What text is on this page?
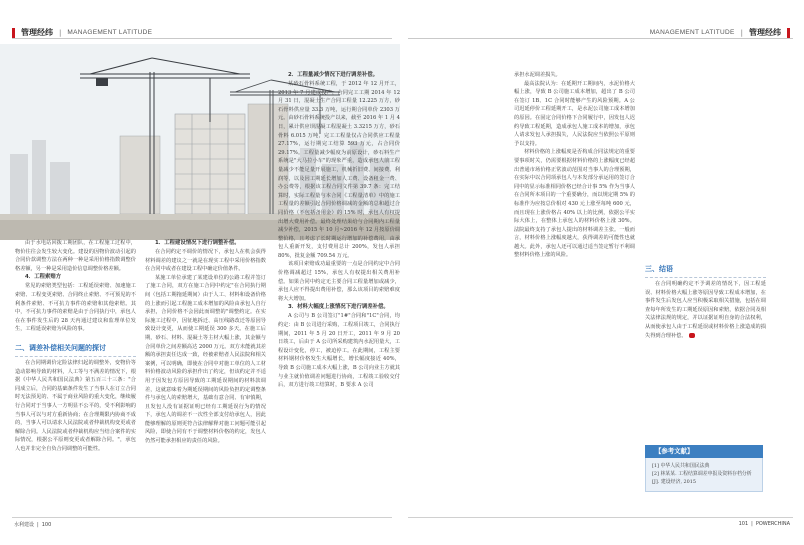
管理经纬 | MANAGEMENT LATITUDE	MANAGEMENT LATITUDE | 管理经纬

由于水电站回拨工期团队，在工程施工过程中，物价往往会发生较大变化。建设的因物价波动引起的合同价款调整方法在两种一种是采用价格指数调整价格差额，另一种是采用造价信息调整价格差额。

4．工程索赔方

常见的索赔类型包括：工程延误索赔、加速施工索赔、工程变更索赔、合同终止索赔、不可预见的不利条件索赔、不可抗力事件的索赔和其他索赔。其中，不可抗力事件的索赔是由于合同执行中，承包人在在事件发生后的 28 天内通过建议和监理单位发生，工程延误索赔为风险的事。

二、调差补偿相关问题的探讨

在合同期调价定险法律归起的调整外，变物价等造动影响导致的材料，人工等与不满差的情况下，根据《中华人民共和国民法典》第五百三十三条："合同成立后，合同的基础条件发生了当事人在订立合同时无法预见的、不属于商业风险的重大变化，继续履行合同对于当事人一方明显不公平的，受不利影响的当事人可以与对方重新协商；在合理期限内协商不成的，当事人可以请求人民法院或者仲裁机构变更或者解除合同。人民法院或者仲裁机构应当结合案件的实际情况，根据公平原则变更或者解除合同。"，承包人也并非完全自负合同调整的可能性。

1．工程建设情况下进行调整补偿。

在合同约定不调价的情况下，承包人在机会获得材料调差的建议之一就是在现实工程中采用价格指数在合同中或者在建设工程中确定价值条件。

某施工单位承建了某建设单位的公路工程并签订了施工合同，双方在施工合同中约定"在合同执行期间（包括工期拖延期间）由于人工、材料和设备价格的上涨而引起工程施工成本增加的风险由承包人自行承担，合同价格不会因此而调整的"调整约定。在实际施工过程中，因征地拆迁、高压线路改迁等原因导致设计变更，从而使工期延误 300 多天。在施工后期，砂石、材料、混凝土等主材大幅上涨，其金额与合同单价之间差额高达 2000 万元。双方未能就其差额的承担责任达成一致，经被索赔者人民法院和相关案例，可以明确，即使在合同中对施工单位的人工材料价格波动风险的承担作出了约定，但该约定并不适用于因发包方原因导致的工期延误期间的材料款调差，这就意味着为期延误期间的风险负担的定调整条件与承包人的索赔增大，基础有意合同、有审慎期，且发包人没有证据证明已经有工期延误行为的情况下，承包人的调差不一次性全部支付给承包人，因此能够理解的原则更符合法律解释对施工问题可能引起风险，即使合同有不于调整材料价格的约定，发包人仍然可能承担相应的责任的风险。

2．工程量减少情况下进行调差补偿。

某砂石骨料系统工程，于 2012 年 12 月开工，2013 年 7 月建成投产，合同完工工期 2014 年 12 月 31 日，混凝土生产合同工程量 12.225 万方，砂石骨料供应量 33.3 万吨，运行期合同单价 2303 万元。由砂石骨料系统投产以来，截至 2016 年 1 月 4 日，累计供应坝混凝工程混凝土 3.3215 万方，砂石骨料 6.015 万吨，完工工程量仅占合同供应工程量 27.17%，运行期完工结算 593 万元，占合同价 29.17%。工程量减少幅度为前原设计，砂石料生产系统是"大马拉小车"的现象严重，造成承包人前工程量减少不能足量开展施工，机械折旧费、间接费、利润等，以及因工期延长增加人工费、设备租金一费、办公费等，根据该工程合同文件第 39.7 条：完工结算时，实际工程量与本合同《工程量清单》中的施工工程量的差额引起合同价格调减的金额的总和超过合同价格（不包括备用金）的 15% 时，承包人有权提出增大费用补偿。最终处理结果给与合同期内工程量减少补偿，2015 年 10 月~2016 年 12 月按原价调整价格，且考虑了长时期运行增加的补偿费用，由承包人重新开发，支付费用总计 200%，发包人承担 80%，批复金额 709.54 万元。

该项目索赔成功最重要的一点是合同约定中合同价格调减超过 15%，承包人有权提出相关费用补偿。如果合同中约定无主要合同工程量增加或减少，承包人应不得提出费用补偿，那么该项目的索赔难度将大大增加。

3．材料大幅度上涨情况下进行调差补偿。

A 公司与 B 公司签订"1#"合同和"1C"合同，均约定：由 B 公司进行采购，工程项目竣工，合同执行期间，2011 年 5 月 20 日开工，2011 年 9 月 20 日竣工，后由于 A 公司所采购建筑内水泥用量大，工程设计变化，停工，被迫停工。在此期间，工程主要材料钢材价格发生大幅增长，增长幅度接近 40%，导致 B 公司施工成本大幅上涨，B 公司向业主方就其与业主就价值调差问题进行协商，工程竣工验收交付后，双方进行竣工结算时，B 要求 A 公司

承担水泥调差损失。

最高法院认为：在延期开工期间内，水泥价格大幅上涨，导致 B 公司施工成本增加，超出了 B 公司在签订 1B、1C 合同时能够产生的风险预期。A 公司迟延停价工程延期开工，是水泥公司施工成本增加的原因。在固定合同价格下合同履行中，因发包人迟约导致工程延期，造成承包人施工成本的增加，承包人请求发包人承担损失，人民法院应当依照公平原则予以支持。

材料价格的上涨幅度是否构成合同法规定的重要要事项时关，仍需要根据材料价格的上涨幅度已经超出普通市场价格正常波动范围对当事人的合理预期，在实际中以合同项承包人与本发部分承运用的签订合同中的显示标准相同价格已经合计事 5% 作为当事人在合同所本项目的一个重要确分，而以规定期 5% 的标准作为应按总价相对 430 元上涨至每吨 600 元，而且现在上涨价格占 40% 以上的比例，依据公平实际大体上，在整体上承包人的材料价格上涨 30%。法院最终支持了承包人提出的材料调差主张。一般而言，材料价格上涨幅度越大，获得调差的可能性也就越大。此外，承包人还可以通过适当签定暂行不利调整材料价格上涨的风险。

三、结语

在合同明确约定不予调差的情况下，因工程延误、材料价格大幅上涨等原因导致工程成本增加，在事件发生后发包人应当积极采取相关措施，包括在调查每年所发生的工期延误原因和索赔，依据合同及相关法律法规的规定，并以证据证明自身的合法权利，从而使承包人由于工程延误或材料价格上涨造成的损失得到合理补偿。

【参考文献】
[1] 中华人民共和国民法典
[2] 林某某. 工程结算调差申报及资料存档分析[J]. 建设经济, 2015
水利建设 | 100	101 | POWERCHINA
